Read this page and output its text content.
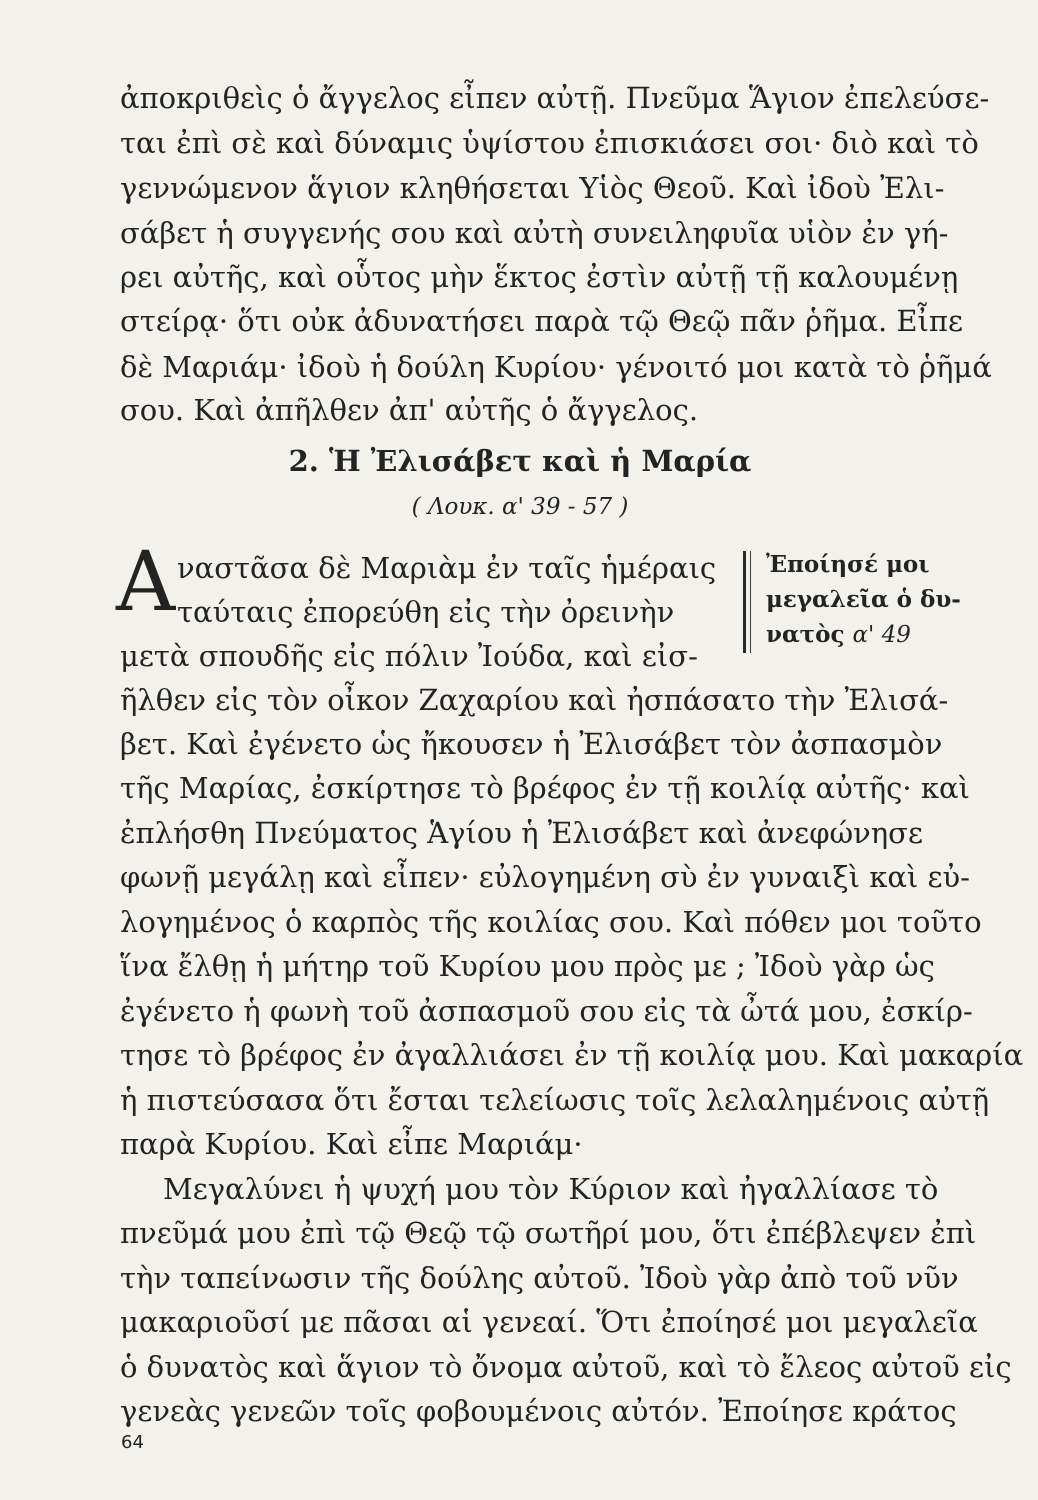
ἀποκριθεὶς ὁ ἄγγελος εἶπεν αὐτῇ. Πνεῦμα Ἅγιον ἐπελεύσε-
ται ἐπὶ σὲ καὶ δύναμις ὑψίστου ἐπισκιάσει σοι· διὸ καὶ τὸ
γεννώμενον ἅγιον κληθήσεται Υἱὸς Θεοῦ. Καὶ ἰδοὺ Ἐλι-
σάβετ ἡ συγγενής σου καὶ αὐτὴ συνειληφυῖα υἱὸν ἐν γή-
ρει αὐτῆς, καὶ οὗτος μὴν ἕκτος ἐστὶν αὐτῇ τῇ καλουμένῃ
στείρᾳ· ὅτι οὐκ ἀδυνατήσει παρὰ τῷ Θεῷ πᾶν ῥῆμα. Εἶπε
δὲ Μαριάμ· ἰδοὺ ἡ δούλη Κυρίου· γένοιτό μοι κατὰ τὸ ῥῆμά
σου. Καὶ ἀπῆλθεν ἀπ' αὐτῆς ὁ ἄγγελος.
2. Ἡ Ἐλισάβετ καὶ ἡ Μαρία
( Λουκ. α' 39 - 57 )
Α ναστᾶσα δὲ Μαριὰμ ἐν ταῖς ἡμέραις
ταύταις ἐπορεύθη εἰς τὴν ὀρεινὴν
μετὰ σπουδῆς εἰς πόλιν Ἰούδα, καὶ εἰσ-
Ἐποίησέ μοι
μεγαλεῖα ὁ δυ-
νατὸς α' 49
ῆλθεν εἰς τὸν οἶκον Ζαχαρίου καὶ ἠσπάσατο τὴν Ἐλισά-
βετ. Καὶ ἐγένετο ὡς ἤκουσεν ἡ Ἐλισάβετ τὸν ἀσπασμὸν
τῆς Μαρίας, ἐσκίρτησε τὸ βρέφος ἐν τῇ κοιλίᾳ αὐτῆς· καὶ
ἐπλήσθη Πνεύματος Ἁγίου ἡ Ἐλισάβετ καὶ ἀνεφώνησε
φωνῇ μεγάλῃ καὶ εἶπεν· εὐλογημένη σὺ ἐν γυναιξὶ καὶ εὐ-
λογημένος ὁ καρπὸς τῆς κοιλίας σου. Καὶ πόθεν μοι τοῦτο
ἵνα ἔλθῃ ἡ μήτηρ τοῦ Κυρίου μου πρὸς με ; Ἰδοὺ γὰρ ὡς
ἐγένετο ἡ φωνὴ τοῦ ἀσπασμοῦ σου εἰς τὰ ὦτά μου, ἐσκίρ-
τησε τὸ βρέφος ἐν ἀγαλλιάσει ἐν τῇ κοιλίᾳ μου. Καὶ μακαρία
ἡ πιστεύσασα ὅτι ἔσται τελείωσις τοῖς λελαλημένοις αὐτῇ
παρὰ Κυρίου. Καὶ εἶπε Μαριάμ·
Μεγαλύνει ἡ ψυχή μου τὸν Κύριον καὶ ἠγαλλίασε τὸ
πνεῦμά μου ἐπὶ τῷ Θεῷ τῷ σωτῆρί μου, ὅτι ἐπέβλεψεν ἐπὶ
τὴν ταπείνωσιν τῆς δούλης αὐτοῦ. Ἰδοὺ γὰρ ἀπὸ τοῦ νῦν
μακαριοῦσί με πᾶσαι αἱ γενεαί. Ὅτι ἐποίησέ μοι μεγαλεῖα
ὁ δυνατὸς καὶ ἅγιον τὸ ὄνομα αὐτοῦ, καὶ τὸ ἔλεος αὐτοῦ εἰς
γενεὰς γενεῶν τοῖς φοβουμένοις αὐτόν. Ἐποίησε κράτος
64
